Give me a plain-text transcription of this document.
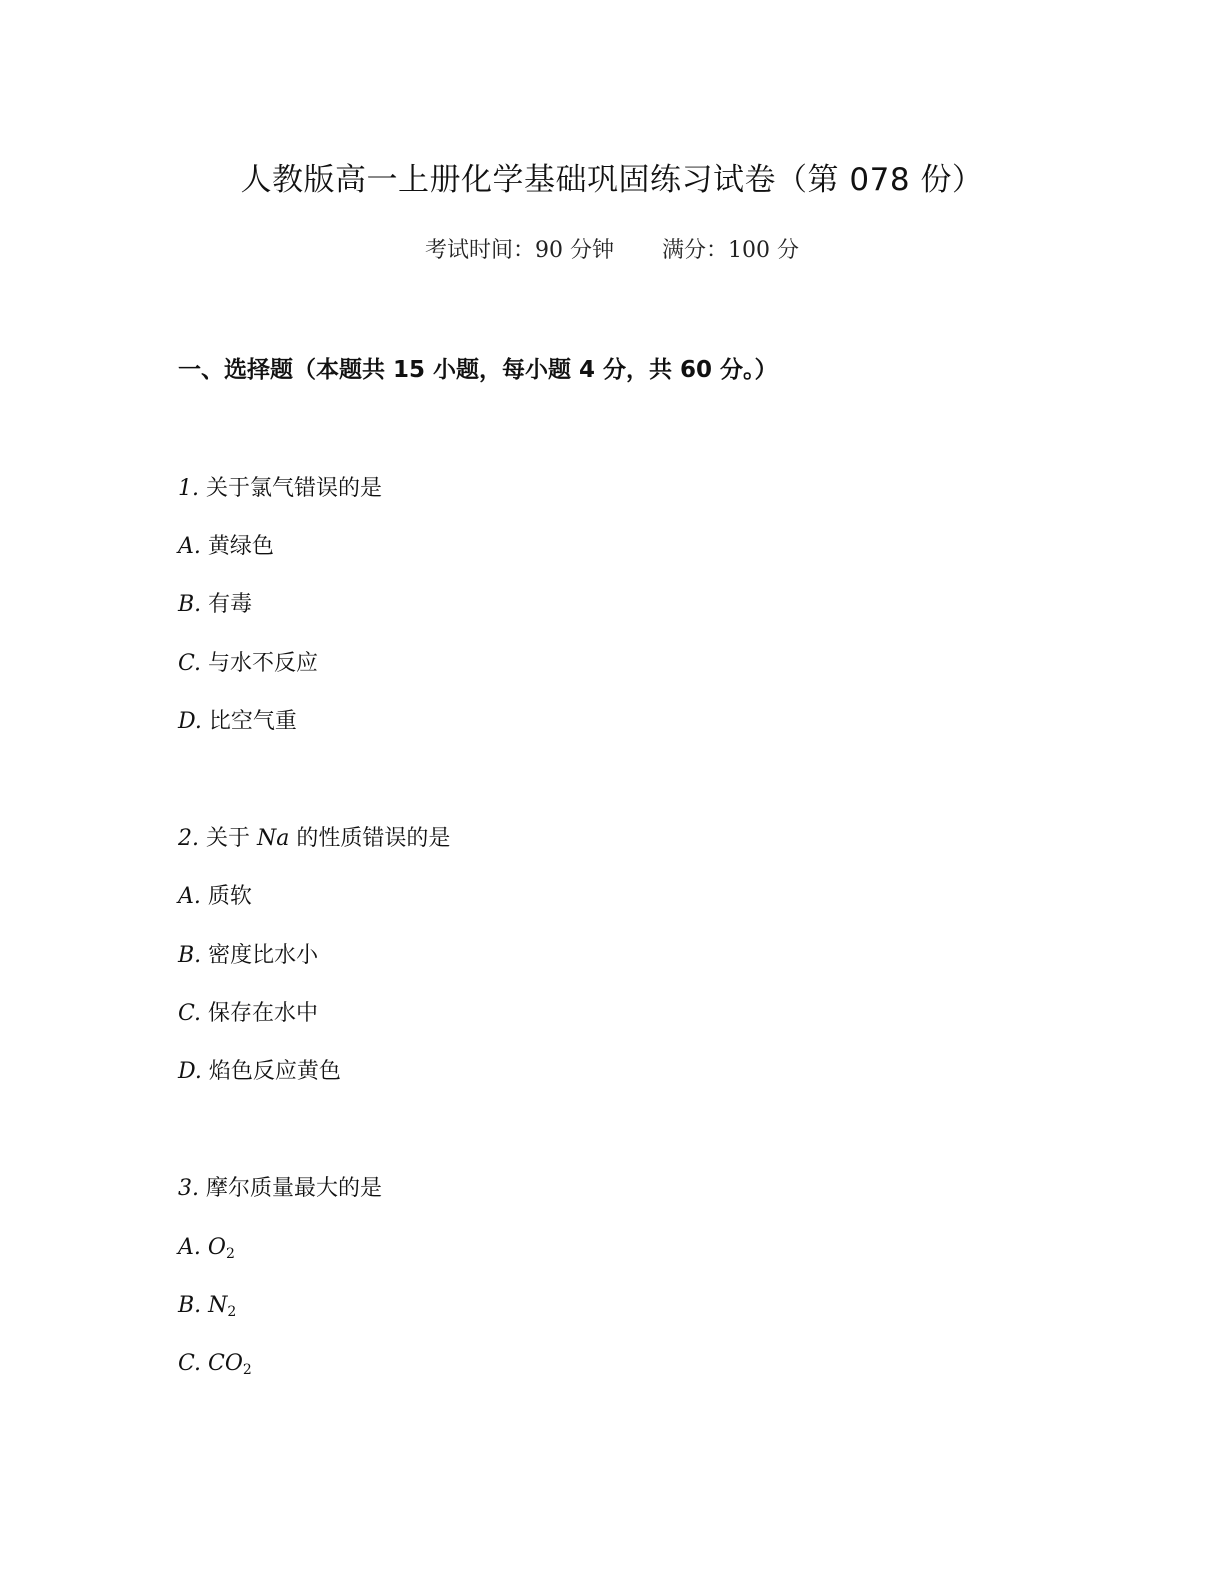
人教版高一上册化学基础巩固练习试卷（第 078 份）
考试时间：90 分钟 满分：100 分
一、选择题（本题共 15 小题，每小题 4 分，共 60 分。）
1. 关于氯气错误的是
A. 黄绿色
B. 有毒
C. 与水不反应
D. 比空气重
2. 关于 Na 的性质错误的是
A. 质软
B. 密度比水小
C. 保存在水中
D. 焰色反应黄色
3. 摩尔质量最大的是
A. $O_2$
B. $N_2$
C. $CO_2$
